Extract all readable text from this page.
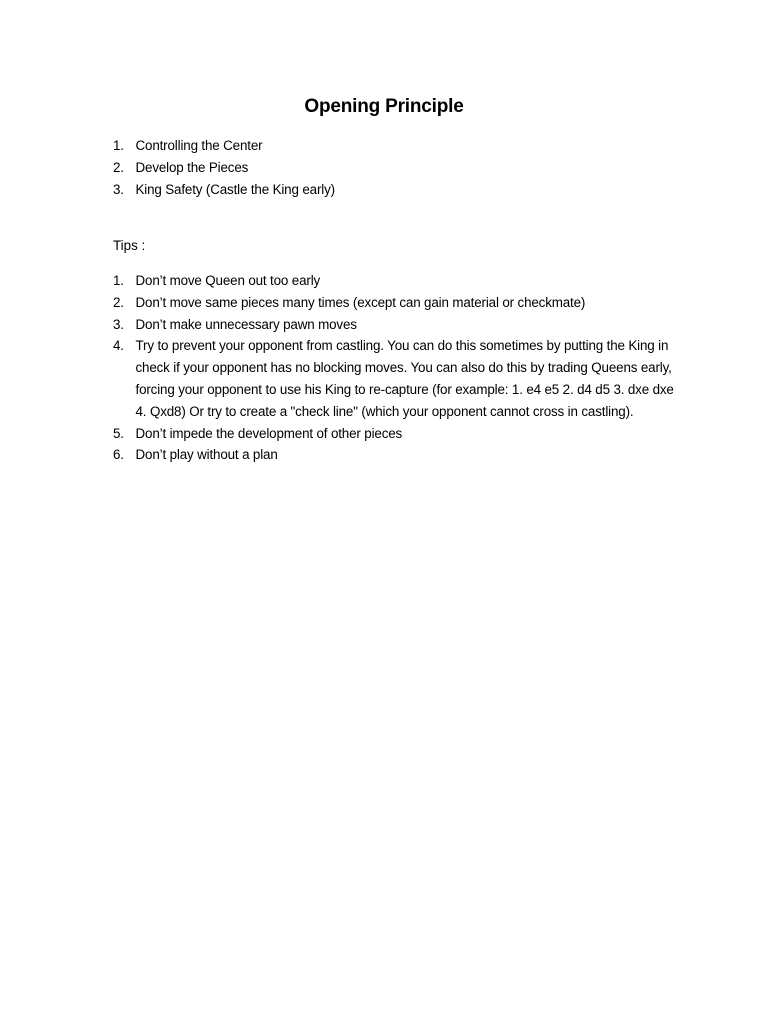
Opening Principle
1. Controlling the Center
2. Develop the Pieces
3. King Safety (Castle the King early)
Tips :
1. Don’t move Queen out too early
2. Don’t move same pieces many times (except can gain material or checkmate)
3. Don’t make unnecessary pawn moves
4. Try to prevent your opponent from castling. You can do this sometimes by putting the King in check if your opponent has no blocking moves. You can also do this by trading Queens early, forcing your opponent to use his King to re-capture (for example: 1. e4 e5 2. d4 d5 3. dxe dxe 4. Qxd8) Or try to create a "check line" (which your opponent cannot cross in castling).
5. Don’t impede the development of other pieces
6. Don’t play without a plan
